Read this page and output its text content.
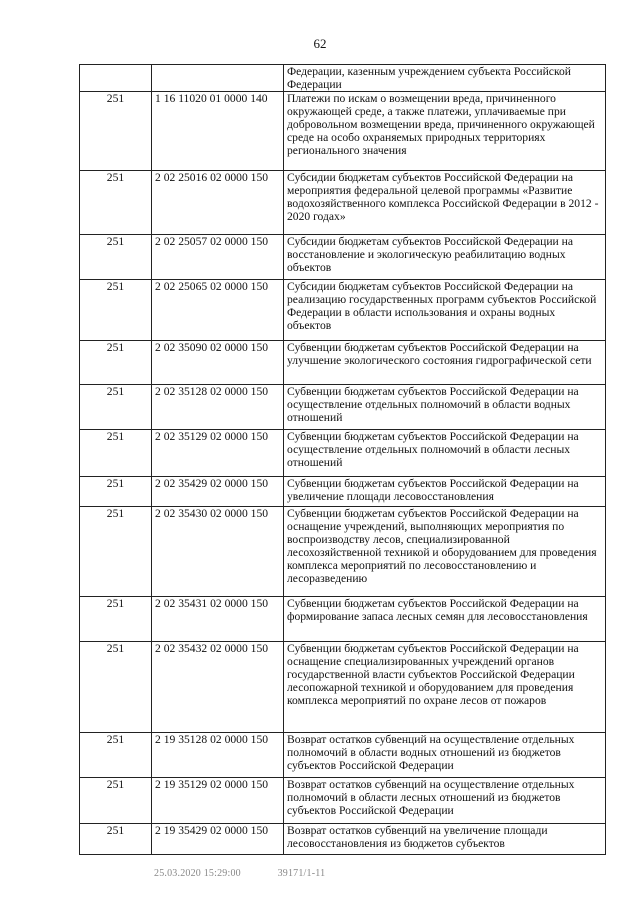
62
		Федерации, казенным учреждением субъекта Российской Федерации
251	1 16 11020 01 0000 140	Платежи по искам о возмещении вреда, причиненного окружающей среде, а также платежи, уплачиваемые при добровольном возмещении вреда, причиненного окружающей среде на особо охраняемых природных территориях регионального значения
251	2 02 25016 02 0000 150	Субсидии бюджетам субъектов Российской Федерации на мероприятия федеральной целевой программы «Развитие водохозяйственного комплекса Российской Федерации в 2012 - 2020 годах»
251	2 02 25057 02 0000 150	Субсидии бюджетам субъектов Российской Федерации на восстановление и экологическую реабилитацию водных объектов
251	2 02 25065 02 0000 150	Субсидии бюджетам субъектов Российской Федерации на реализацию государственных программ субъектов Российской Федерации в области использования и охраны водных объектов
251	2 02 35090 02 0000 150	Субвенции бюджетам субъектов Российской Федерации на улучшение экологического состояния гидрографической сети
251	2 02 35128 02 0000 150	Субвенции бюджетам субъектов Российской Федерации на осуществление отдельных полномочий в области водных отношений
251	2 02 35129 02 0000 150	Субвенции бюджетам субъектов Российской Федерации на осуществление отдельных полномочий в области лесных отношений
251	2 02 35429 02 0000 150	Субвенции бюджетам субъектов Российской Федерации на увеличение площади лесовосстановления
251	2 02 35430 02 0000 150	Субвенции бюджетам субъектов Российской Федерации на оснащение учреждений, выполняющих мероприятия по воспроизводству лесов, специализированной лесохозяйственной техникой и оборудованием для проведения комплекса мероприятий по лесовосстановлению и лесоразведению
251	2 02 35431 02 0000 150	Субвенции бюджетам субъектов Российской Федерации на формирование запаса лесных семян для лесовосстановления
251	2 02 35432 02 0000 150	Субвенции бюджетам субъектов Российской Федерации на оснащение специализированных учреждений органов государственной власти субъектов Российской Федерации лесопожарной техникой и оборудованием для проведения комплекса мероприятий по охране лесов от пожаров
251	2 19 35128 02 0000 150	Возврат остатков субвенций на осуществление отдельных полномочий в области водных отношений из бюджетов субъектов Российской Федерации
251	2 19 35129 02 0000 150	Возврат остатков субвенций на осуществление отдельных полномочий в области лесных отношений из бюджетов субъектов Российской Федерации
251	2 19 35429 02 0000 150	Возврат остатков субвенций на увеличение площади лесовосстановления из бюджетов субъектов
25.03.2020 15:29:00	39171/1-11
